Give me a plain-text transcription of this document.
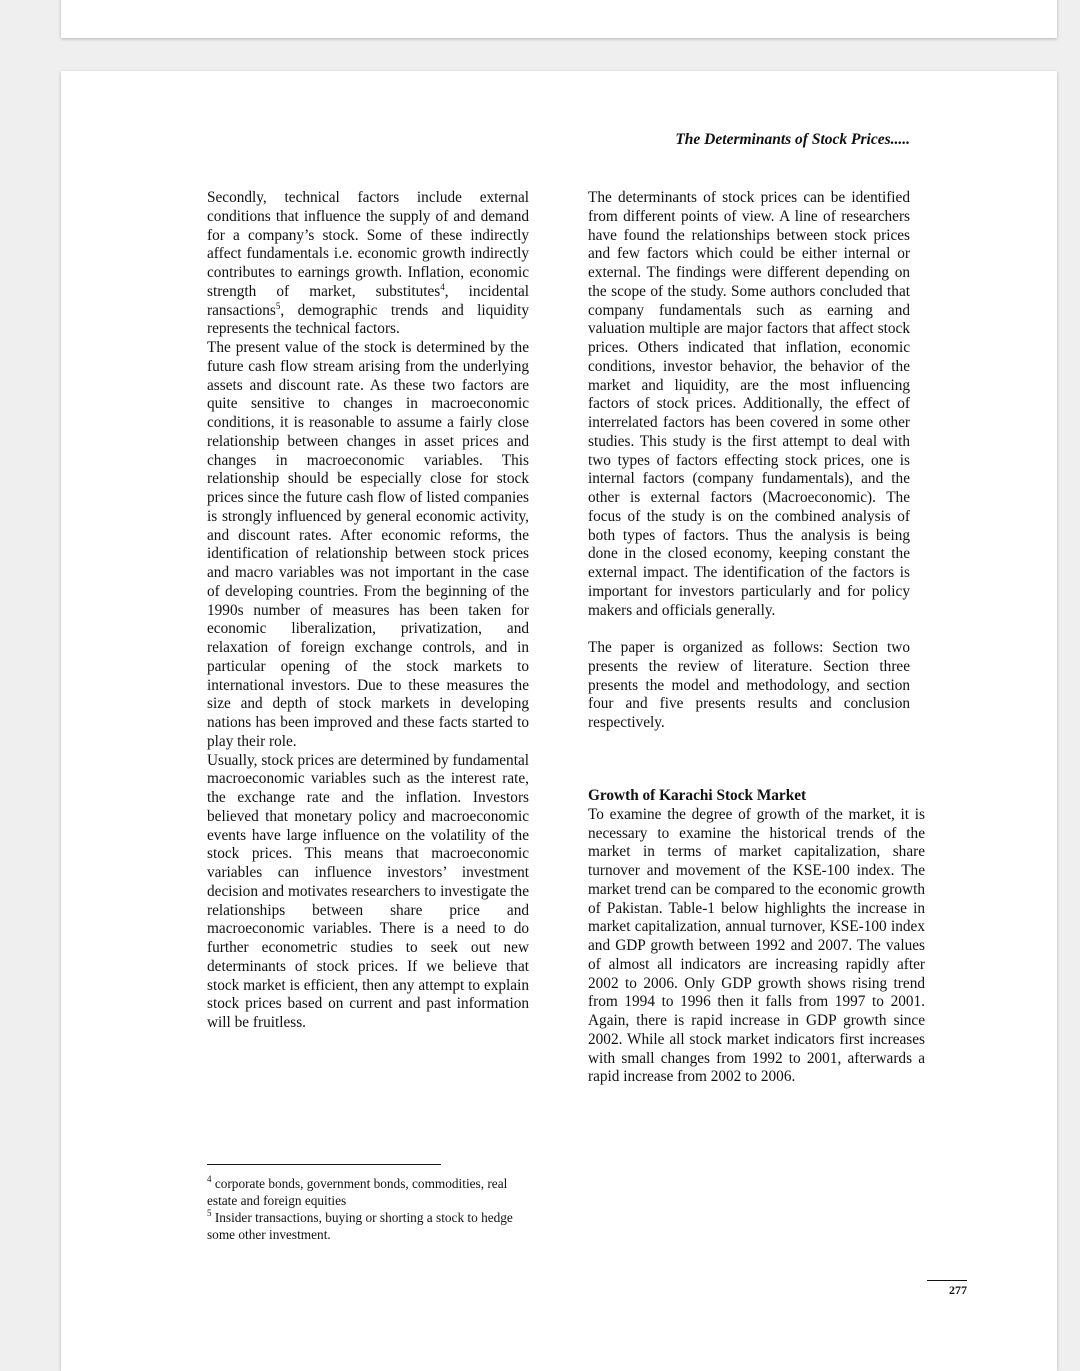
The Determinants of Stock Prices.....

Secondly, technical factors include external conditions that influence the supply of and demand for a company’s stock. Some of these indirectly affect fundamentals i.e. economic growth indirectly contributes to earnings growth. Inflation, economic strength of market, substitutes$^4$, incidental ransactions$^5$, demographic trends and liquidity represents the technical factors.

The present value of the stock is determined by the future cash flow stream arising from the underlying assets and discount rate. As these two factors are quite sensitive to changes in macroeconomic conditions, it is reasonable to assume a fairly close relationship between changes in asset prices and changes in macroeconomic variables. This relationship should be especially close for stock prices since the future cash flow of listed companies is strongly influenced by general economic activity, and discount rates. After economic reforms, the identification of relationship between stock prices and macro variables was not important in the case of developing countries. From the beginning of the 1990s number of measures has been taken for economic liberalization, privatization, and relaxation of foreign exchange controls, and in particular opening of the stock markets to international investors. Due to these measures the size and depth of stock markets in developing nations has been improved and these facts started to play their role.

Usually, stock prices are determined by fundamental macroeconomic variables such as the interest rate, the exchange rate and the inflation. Investors believed that monetary policy and macroeconomic events have large influence on the volatility of the stock prices. This means that macroeconomic variables can influence investors’ investment decision and motivates researchers to investigate the relationships between share price and macroeconomic variables. There is a need to do further econometric studies to seek out new determinants of stock prices. If we believe that stock market is efficient, then any attempt to explain stock prices based on current and past information will be fruitless.

The determinants of stock prices can be identified from different points of view. A line of researchers have found the relationships between stock prices and few factors which could be either internal or external. The findings were different depending on the scope of the study. Some authors concluded that company fundamentals such as earning and valuation multiple are major factors that affect stock prices. Others indicated that inflation, economic conditions, investor behavior, the behavior of the market and liquidity, are the most influencing factors of stock prices. Additionally, the effect of interrelated factors has been covered in some other studies. This study is the first attempt to deal with two types of factors effecting stock prices, one is internal factors (company fundamentals), and the other is external factors (Macroeconomic). The focus of the study is on the combined analysis of both types of factors. Thus the analysis is being done in the closed economy, keeping constant the external impact. The identification of the factors is important for investors particularly and for policy makers and officials generally.

The paper is organized as follows: Section two presents the review of literature. Section three presents the model and methodology, and section four and five presents results and conclusion respectively.

Growth of Karachi Stock Market

To examine the degree of growth of the market, it is necessary to examine the historical trends of the market in terms of market capitalization, share turnover and movement of the KSE-100 index. The market trend can be compared to the economic growth of Pakistan. Table-1 below highlights the increase in market capitalization, annual turnover, KSE-100 index and GDP growth between 1992 and 2007. The values of almost all indicators are increasing rapidly after 2002 to 2006. Only GDP growth shows rising trend from 1994 to 1996 then it falls from 1997 to 2001. Again, there is rapid increase in GDP growth since 2002. While all stock market indicators first increases with small changes from 1992 to 2001, afterwards a rapid increase from 2002 to 2006.

$^4$ corporate bonds, government bonds, commodities, real estate and foreign equities

$^5$ Insider transactions, buying or shorting a stock to hedge some other investment.

277
